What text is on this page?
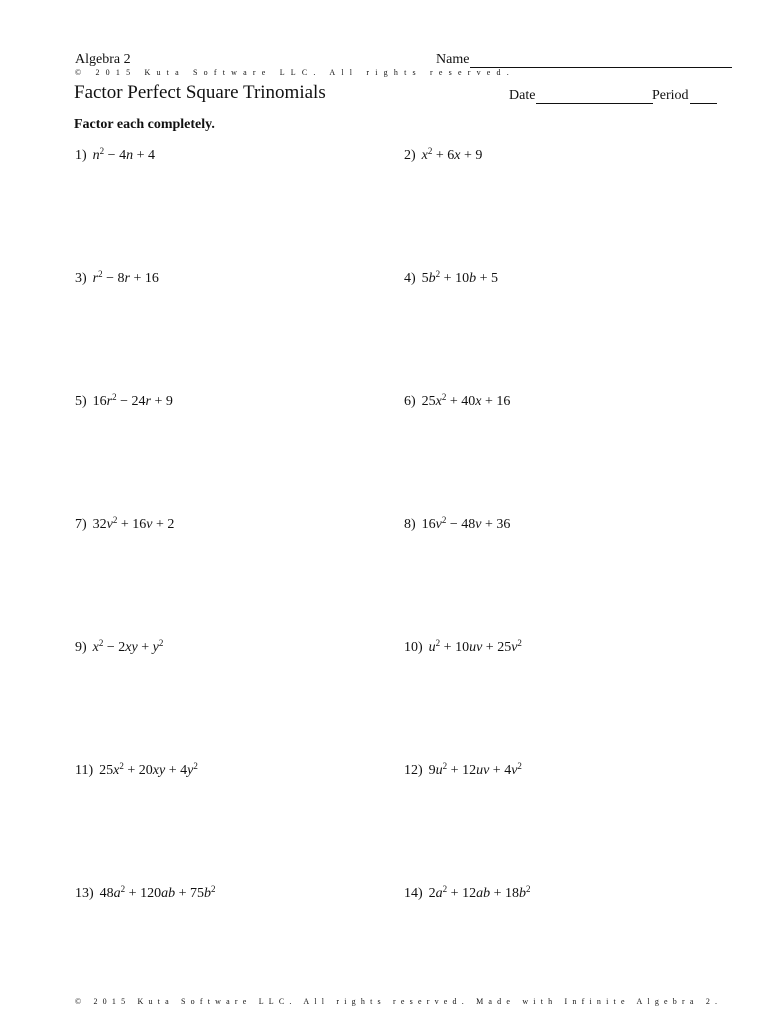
Algebra 2	Name
© 2015 Kuta Software LLC. All rights reserved.
Factor Perfect Square Trinomials	Date	Period
Factor each completely.
1) $n^2 - 4n + 4$	2) $x^2 + 6x + 9$
3) $r^2 - 8r + 16$	4) $5b^2 + 10b + 5$
5) $16r^2 - 24r + 9$	6) $25x^2 + 40x + 16$
7) $32v^2 + 16v + 2$	8) $16v^2 - 48v + 36$
9) $x^2 - 2xy + y^2$	10) $u^2 + 10uv + 25v^2$
11) $25x^2 + 20xy + 4y^2$	12) $9u^2 + 12uv + 4v^2$
13) $48a^2 + 120ab + 75b^2$	14) $2a^2 + 12ab + 18b^2$
© 2015 Kuta Software LLC. All rights reserved. Made with Infinite Algebra 2.
